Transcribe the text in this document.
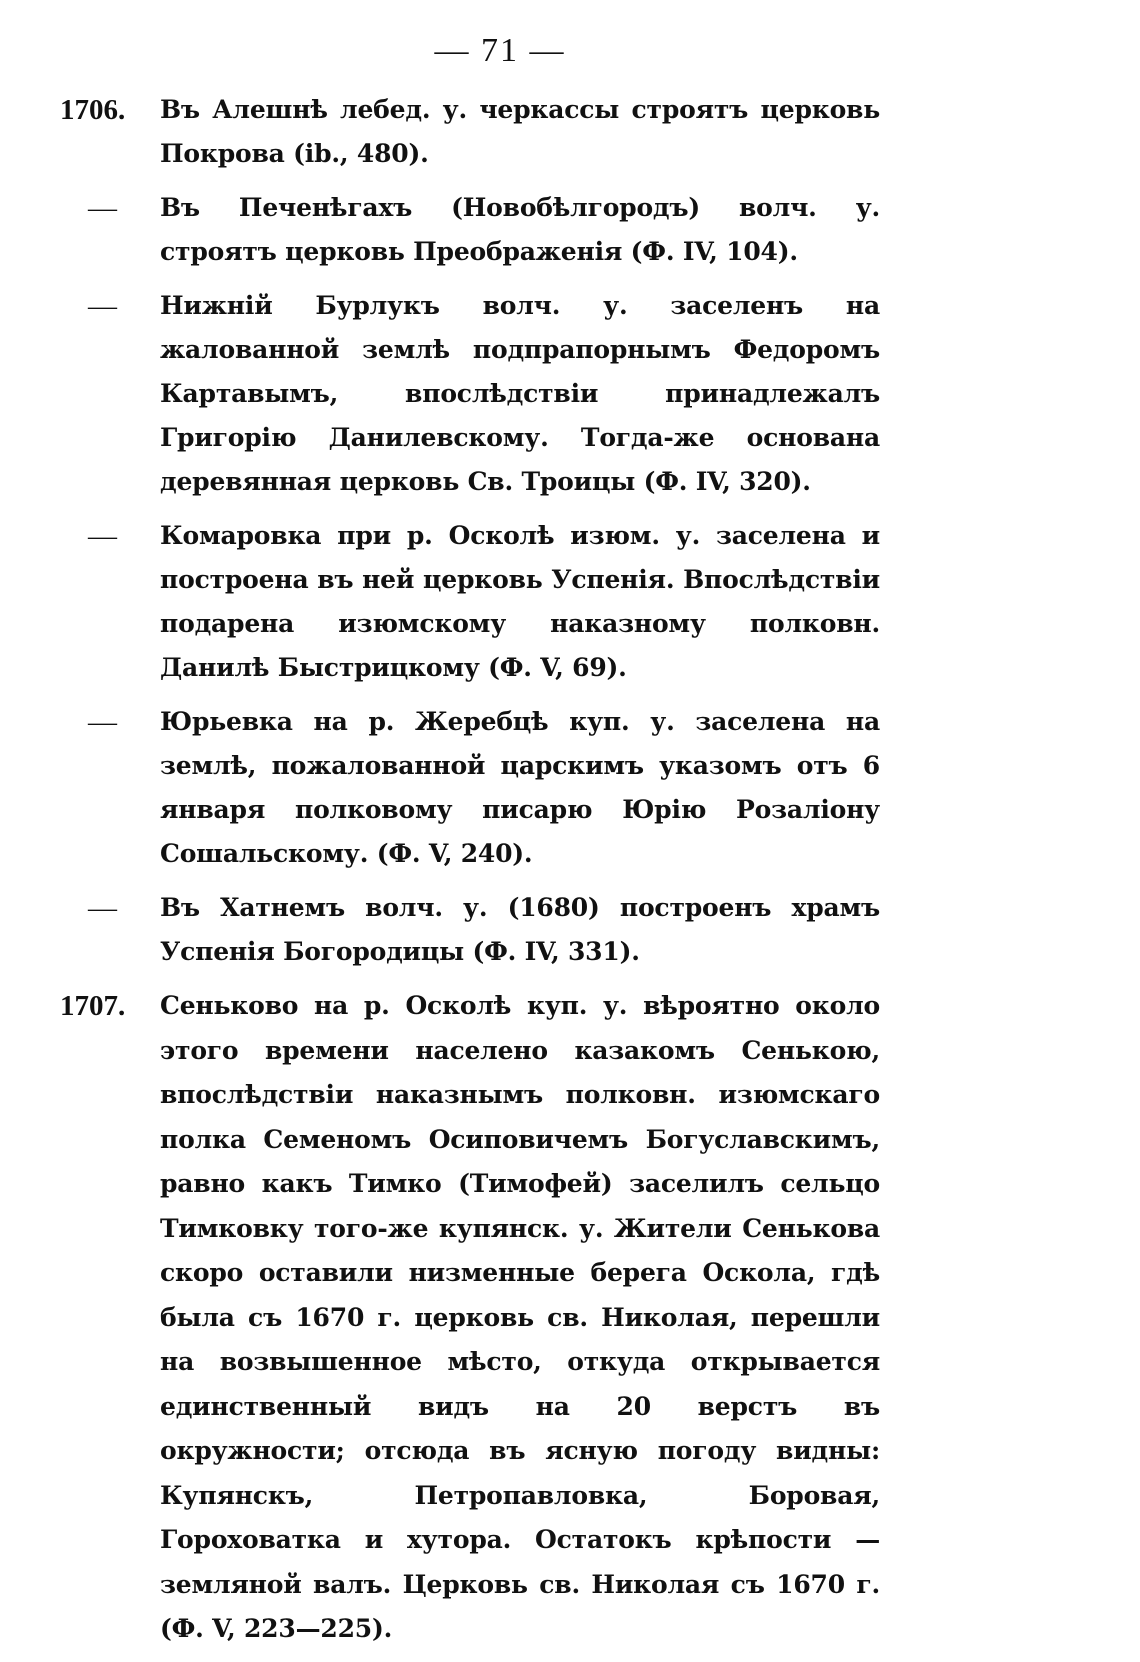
— 71 —
1706.	Въ Алешнѣ лебед. у. черкассы строятъ церковь Покрова (ib., 480).
—	Въ Печенѣгахъ (Новобѣлгородъ) волч. у. строятъ церковь Преображенія (Ф. IV, 104).
—	Нижній Бурлукъ волч. у. заселенъ на жалованной землѣ подпрапорнымъ Федоромъ Картавымъ, впослѣдствіи принадлежалъ Григорію Данилевскому. Тогда-же основана деревянная церковь Св. Троицы (Ф. IV, 320).
—	Комаровка при р. Осколѣ изюм. у. заселена и построена въ ней церковь Успенія. Впослѣдствіи подарена изюмскому наказному полковн. Данилѣ Быстрицкому (Ф. V, 69).
—	Юрьевка на р. Жеребцѣ куп. у. заселена на землѣ, пожалованной царскимъ указомъ отъ 6 января полковому писарю Юрію Розаліону Сошальскому. (Ф. V, 240).
—	Въ Хатнемъ волч. у. (1680) построенъ храмъ Успенія Богородицы (Ф. IV, 331).
1707.	Сеньково на р. Осколѣ куп. у. вѣроятно около этого времени населено казакомъ Сенькою, впослѣдствіи наказнымъ полковн. изюмскаго полка Семеномъ Осиповичемъ Богуславскимъ, равно какъ Тимко (Тимофей) заселилъ сельцо Тимковку того-же купянск. у. Жители Сенькова скоро оставили низменные берега Оскола, гдѣ была съ 1670 г. церковь св. Николая, перешли на возвышенное мѣсто, откуда открывается единственный видъ на 20 верстъ въ окружности; отсюда въ ясную погоду видны: Купянскъ, Петропавловка, Боровая, Гороховатка и хутора. Остатокъ крѣпости — земляной валъ. Церковь св. Николая съ 1670 г. (Ф. V, 223—225).
